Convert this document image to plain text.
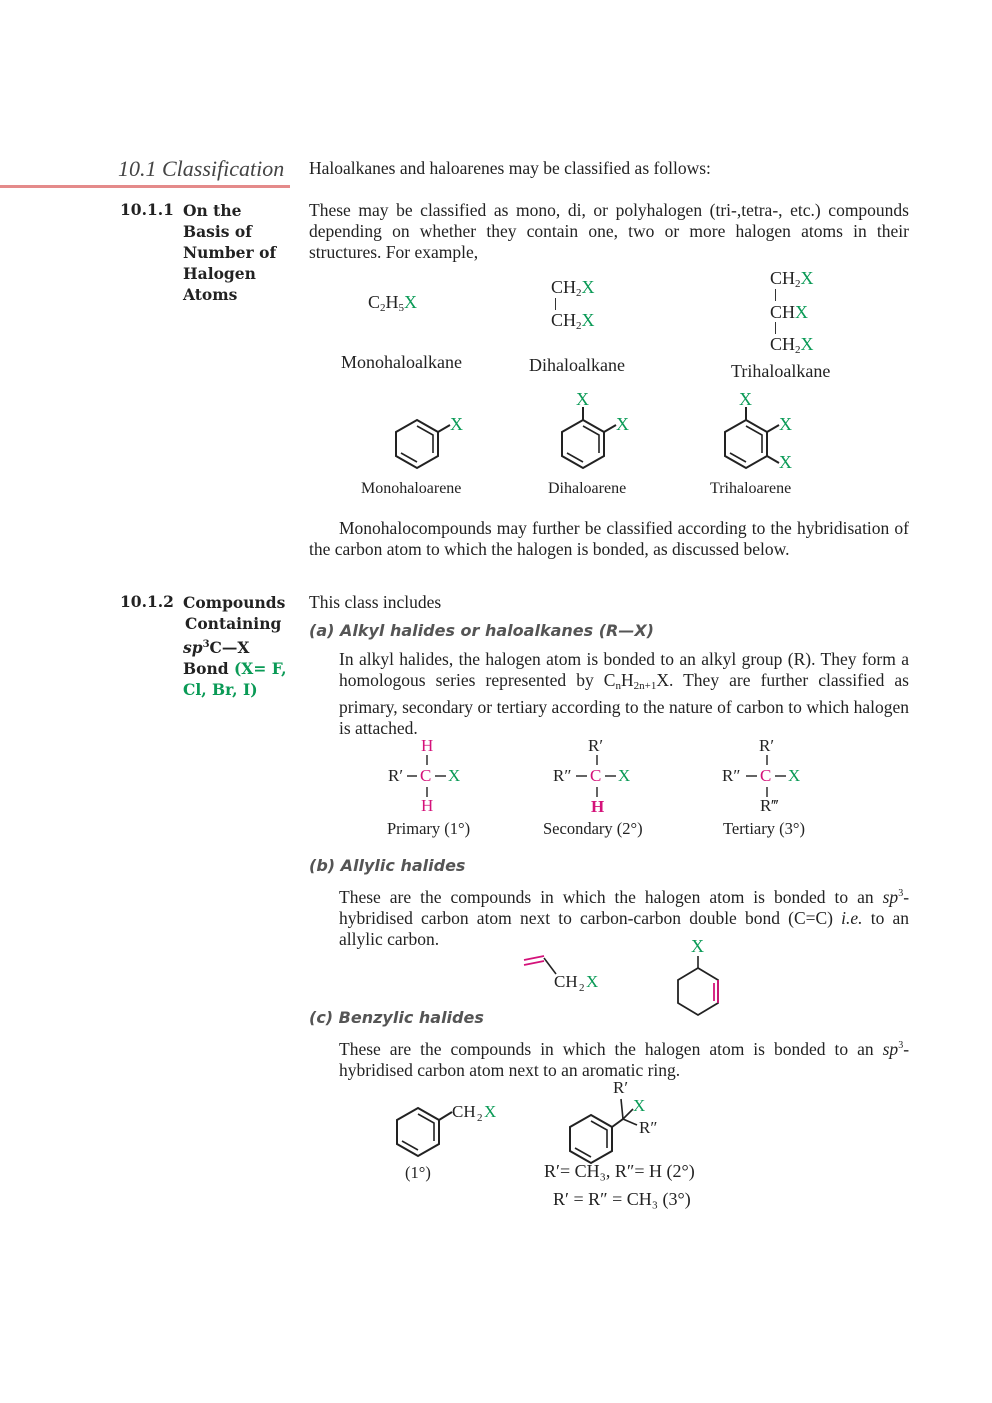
10.1 Classification Haloalkanes and haloarenes may be classified as follows:
10.1.1 On the
Basis of
Number of
Halogen
Atoms
These may be classified as mono, di, or polyhalogen (tri-,tetra-, etc.) compounds depending on whether they contain one, two or more halogen atoms in their structures. For example,
$C_2H_5X$
$CH_2X$
$CH_2X$
$CH_2X$
CHX
$CH_2X$
Monohaloalkane	Dihaloalkane	Trihaloalkane
X
X
X
X
X
X
Monohaloarene	Dihaloarene	Trihaloarene
Monohalocompounds may further be classified according to the hybridisation of the carbon atom to which the halogen is bonded, as discussed below.
10.1.2 Compounds
Containing
$sp^3C—X$
Bond (X= F,
Cl, Br, I)
This class includes
(a) Alkyl halides or haloalkanes (R—X)
In alkyl halides, the halogen atom is bonded to an alkyl group (R). They form a homologous series represented by $C_nH_{2n+1}X$. They are further classified as primary, secondary or tertiary according to the nature of carbon to which halogen is attached.
H
R′ C X
H
R′
R″ C X
H
R′
R″ C X
R‴
Primary (1°)	Secondary (2°)	Tertiary (3°)
(b) Allylic halides
These are the compounds in which the halogen atom is bonded to an $sp^3$-hybridised carbon atom next to carbon-carbon double bond (C=C) i.e. to an allylic carbon.
CH 2 X
X
(c) Benzylic halides
These are the compounds in which the halogen atom is bonded to an $sp^3$-hybridised carbon atom next to an aromatic ring.
CH 2 X
R′
X
R″
(1°)	R′= CH₃, R″= H (2°)
R′ = R″ = CH₃ (3°)
